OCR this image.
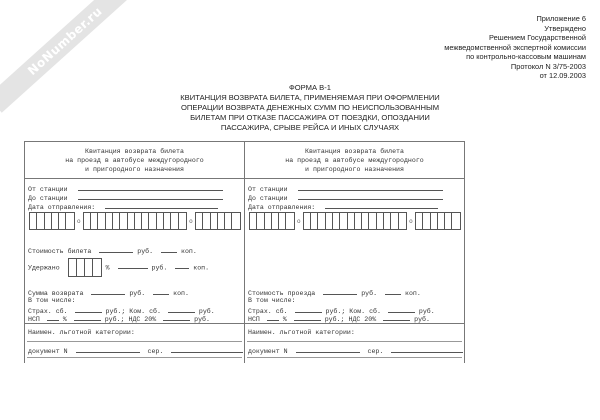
NoNumber.ru	Приложение 6
Утверждено
Решением Государственной
межведомственной экспертной комиссии
по контрольно-кассовым машинам
Протокол N 3/75-2003
от 12.09.2003
ФОРМА В-1
КВИТАНЦИЯ ВОЗВРАТА БИЛЕТА, ПРИМЕНЯЕМАЯ ПРИ ОФОРМЛЕНИИ
ОПЕРАЦИИ ВОЗВРАТА ДЕНЕЖНЫХ СУММ ПО НЕИСПОЛЬЗОВАННЫМ
БИЛЕТАМ ПРИ ОТКАЗЕ ПАССАЖИРА ОТ ПОЕЗДКИ, ОПОЗДАНИИ
ПАССАЖИРА, СРЫВЕ РЕЙСА И ИНЫХ СЛУЧАЯХ
Квитанция возврата билета
на проезд в автобусе междугородного
и пригородного назначения
От станции
До станции
Дата отправления:
o	o
Стоимость билета	руб.	коп.
Удержано	%	руб.	коп.
Сумма возврата	руб.	коп.
В том числе:
Страх. сб.	руб.; Ком. сб.	руб.
НСП	%	руб.; НДС 20%	руб.
Наимен. льготной категории:
документ N	сер.
Квитанция возврата билета
на проезд в автобусе междугородного
и пригородного назначения
От станции
До станции
Дата отправления:
o	o
Стоимость проезда	руб.	коп.
В том числе:
Страх. сб.	руб.; Ком. сб.	руб.
НСП	%	руб.; НДС 20%	руб.
Наимен. льготной категории:
документ N	сер.
